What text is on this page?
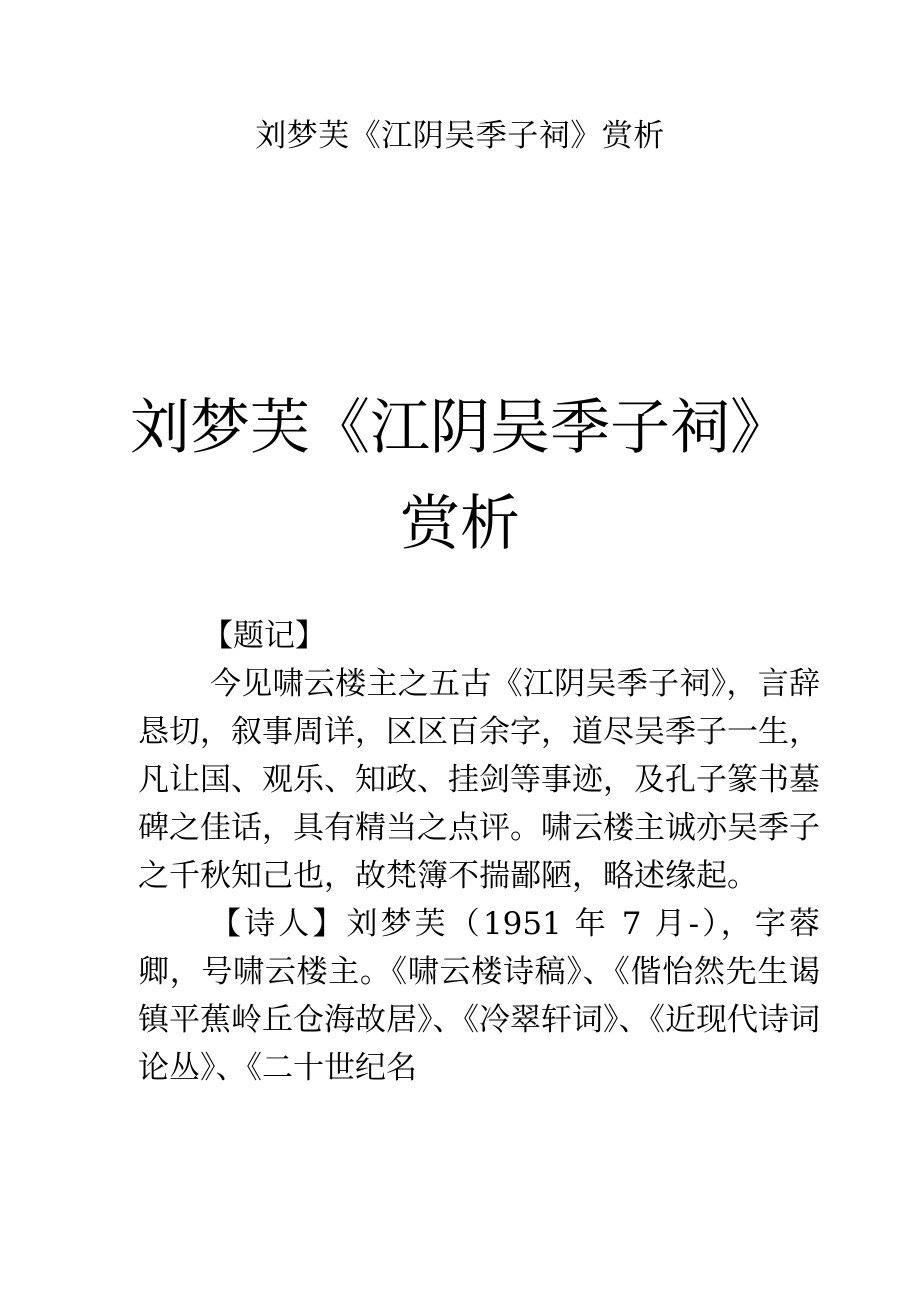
刘梦芙《江阴吴季子祠》赏析
刘梦芙《江阴吴季子祠》
赏析

【题记】

今见啸云楼主之五古《江阴吴季子祠》，言辞恳切，叙事周详，区区百余字，道尽吴季子一生，凡让国、观乐、知政、挂剑等事迹，及孔子篆书墓碑之佳话，具有精当之点评。啸云楼主诚亦吴季子之千秋知己也，故梵簿不揣鄙陋，略述缘起。

【诗人】刘梦芙（1951 年 7 月-），字蓉卿，号啸云楼主。《啸云楼诗稿》、《偕怡然先生谒镇平蕉岭丘仓海故居》、《冷翠轩词》、《近现代诗词论丛》、《二十世纪名
